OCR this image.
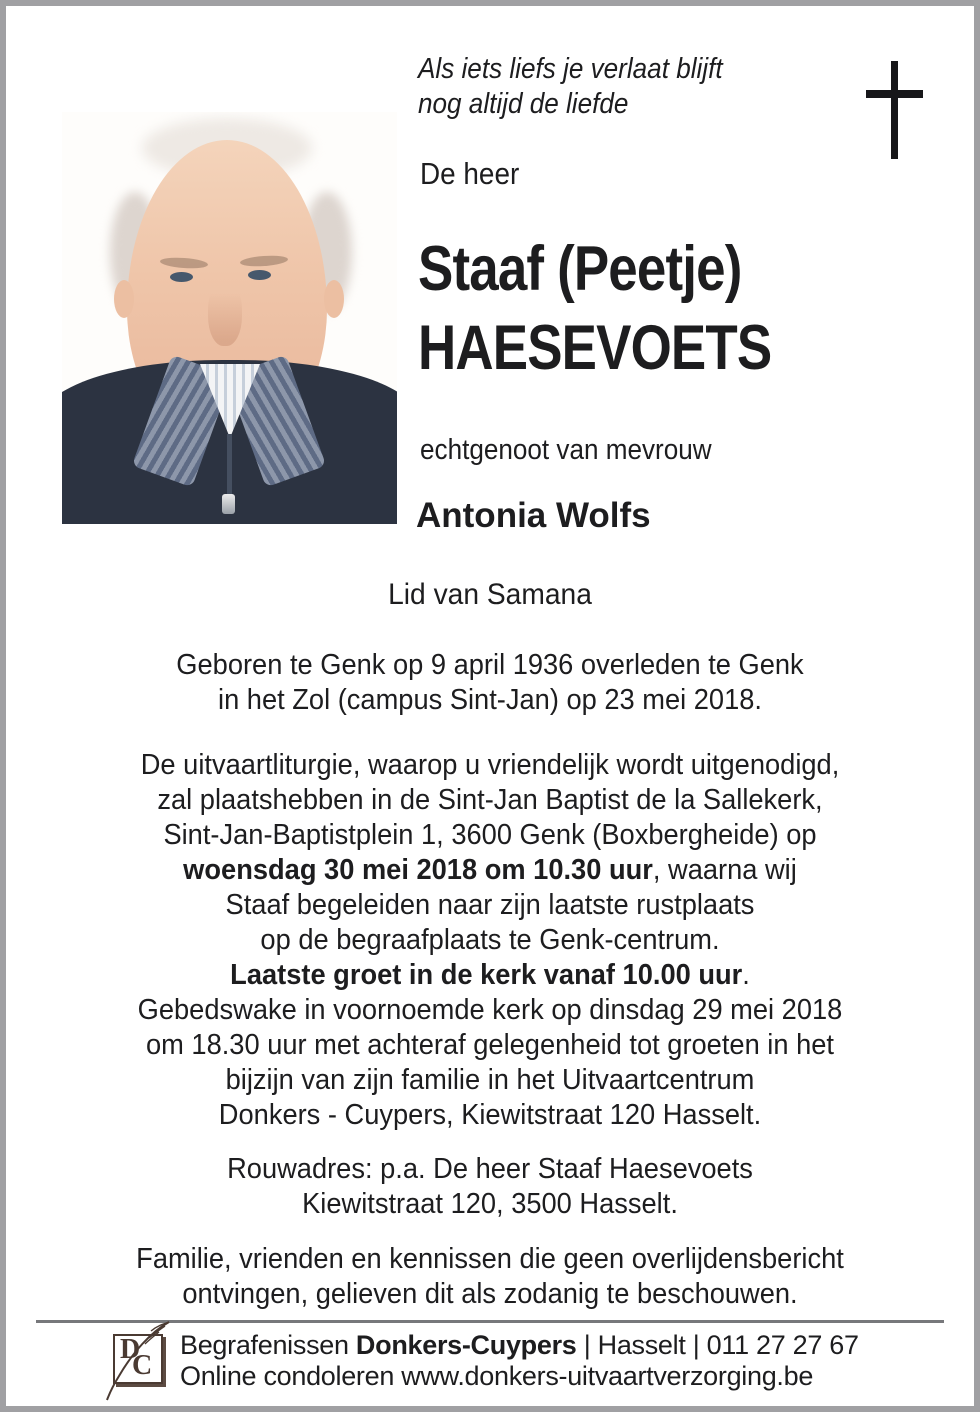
Als iets liefs je verlaat blijft
nog altijd de liefde
De heer
Staaf (Peetje)
HAESEVOETS
echtgenoot van mevrouw
Antonia Wolfs
Lid van Samana
Geboren te Genk op 9 april 1936 overleden te Genk
in het Zol (campus Sint-Jan) op 23 mei 2018.
De uitvaartliturgie, waarop u vriendelijk wordt uitgenodigd,
zal plaatshebben in de Sint-Jan Baptist de la Sallekerk,
Sint-Jan-Baptistplein 1, 3600 Genk (Boxbergheide) op
woensdag 30 mei 2018 om 10.30 uur, waarna wij
Staaf begeleiden naar zijn laatste rustplaats
op de begraafplaats te Genk-centrum.
Laatste groet in de kerk vanaf 10.00 uur.
Gebedswake in voornoemde kerk op dinsdag 29 mei 2018
om 18.30 uur met achteraf gelegenheid tot groeten in het
bijzijn van zijn familie in het Uitvaartcentrum
Donkers - Cuypers, Kiewitstraat 120 Hasselt.
Rouwadres: p.a. De heer Staaf Haesevoets
Kiewitstraat 120, 3500 Hasselt.
Familie, vrienden en kennissen die geen overlijdensbericht
ontvingen, gelieven dit als zodanig te beschouwen.
D
C
Begrafenissen Donkers-Cuypers | Hasselt | 011 27 27 67
Online condoleren www.donkers-uitvaartverzorging.be
